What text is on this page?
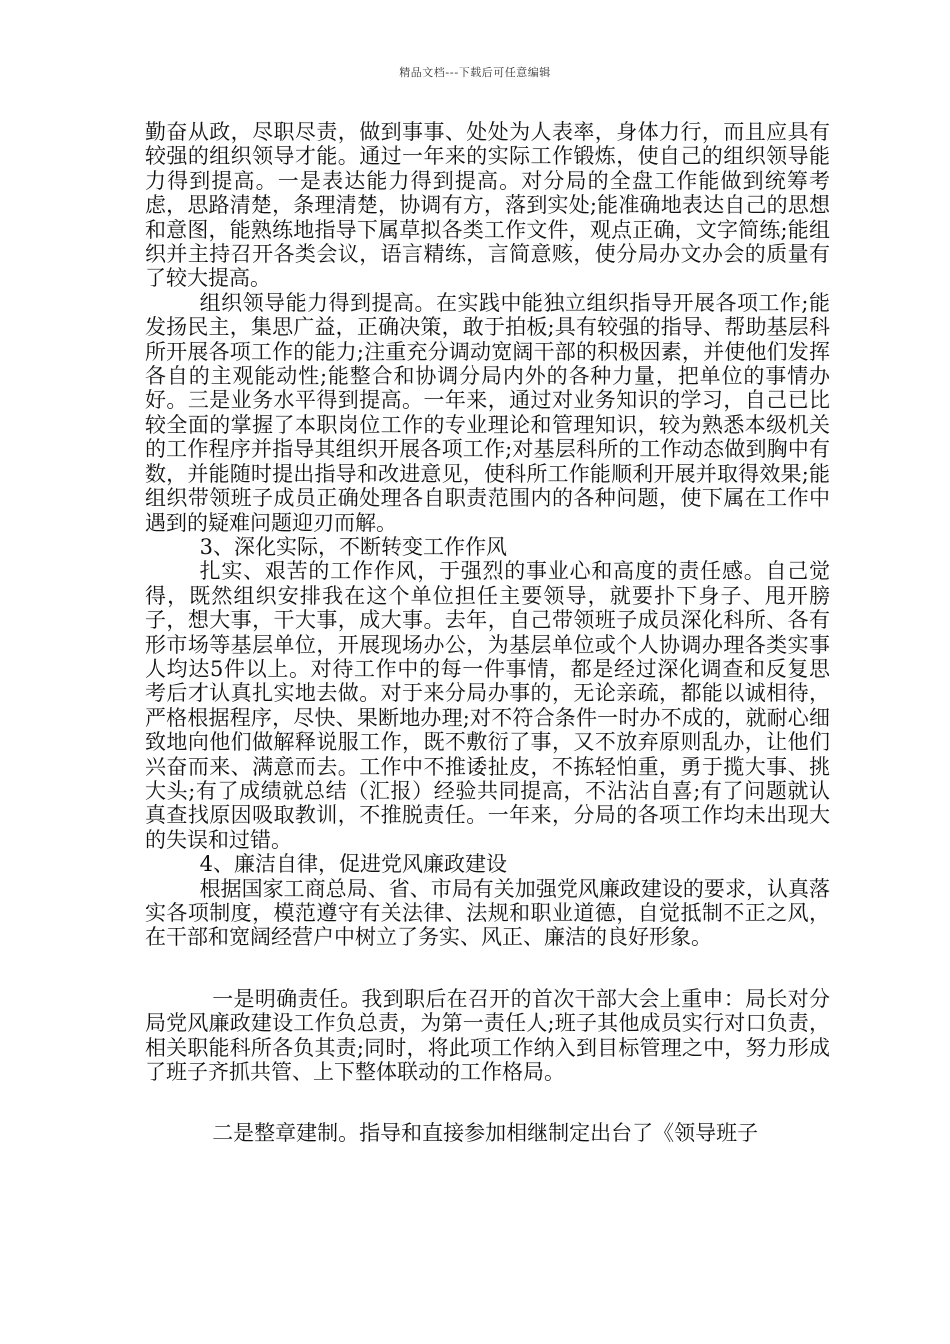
精品文档---下载后可任意编辑

勤奋从政，尽职尽责，做到事事、处处为人表率，身体力行，而且应具有较强的组织领导才能。通过一年来的实际工作锻炼，使自己的组织领导能力得到提高。一是表达能力得到提高。对分局的全盘工作能做到统筹考虑，思路清楚，条理清楚，协调有方，落到实处;能准确地表达自己的思想和意图，能熟练地指导下属草拟各类工作文件，观点正确，文字简练;能组织并主持召开各类会议，语言精练，言简意赅，使分局办文办会的质量有了较大提高。

组织领导能力得到提高。在实践中能独立组织指导开展各项工作;能发扬民主，集思广益，正确决策，敢于拍板;具有较强的指导、帮助基层科所开展各项工作的能力;注重充分调动宽阔干部的积极因素，并使他们发挥各自的主观能动性;能整合和协调分局内外的各种力量，把单位的事情办好。三是业务水平得到提高。一年来，通过对业务知识的学习，自己已比较全面的掌握了本职岗位工作的专业理论和管理知识，较为熟悉本级机关的工作程序并指导其组织开展各项工作;对基层科所的工作动态做到胸中有数，并能随时提出指导和改进意见，使科所工作能顺利开展并取得效果;能组织带领班子成员正确处理各自职责范围内的各种问题，使下属在工作中遇到的疑难问题迎刃而解。

3、深化实际，不断转变工作作风

扎实、艰苦的工作作风，于强烈的事业心和高度的责任感。自己觉得，既然组织安排我在这个单位担任主要领导，就要扑下身子、甩开膀子，想大事，干大事，成大事。去年，自己带领班子成员深化科所、各有形市场等基层单位，开展现场办公，为基层单位或个人协调办理各类实事人均达5件以上。对待工作中的每一件事情，都是经过深化调查和反复思考后才认真扎实地去做。对于来分局办事的，无论亲疏，都能以诚相待，严格根据程序，尽快、果断地办理;对不符合条件一时办不成的，就耐心细致地向他们做解释说服工作，既不敷衍了事，又不放弃原则乱办，让他们兴奋而来、满意而去。工作中不推诿扯皮，不拣轻怕重，勇于揽大事、挑大头;有了成绩就总结（汇报）经验共同提高，不沾沾自喜;有了问题就认真查找原因吸取教训，不推脱责任。一年来，分局的各项工作均未出现大的失误和过错。

4、廉洁自律，促进党风廉政建设

根据国家工商总局、省、市局有关加强党风廉政建设的要求，认真落实各项制度，模范遵守有关法律、法规和职业道德，自觉抵制不正之风，在干部和宽阔经营户中树立了务实、风正、廉洁的良好形象。

一是明确责任。我到职后在召开的首次干部大会上重申：局长对分局党风廉政建设工作负总责，为第一责任人;班子其他成员实行对口负责，相关职能科所各负其责;同时，将此项工作纳入到目标管理之中，努力形成了班子齐抓共管、上下整体联动的工作格局。

二是整章建制。指导和直接参加相继制定出台了《领导班子
